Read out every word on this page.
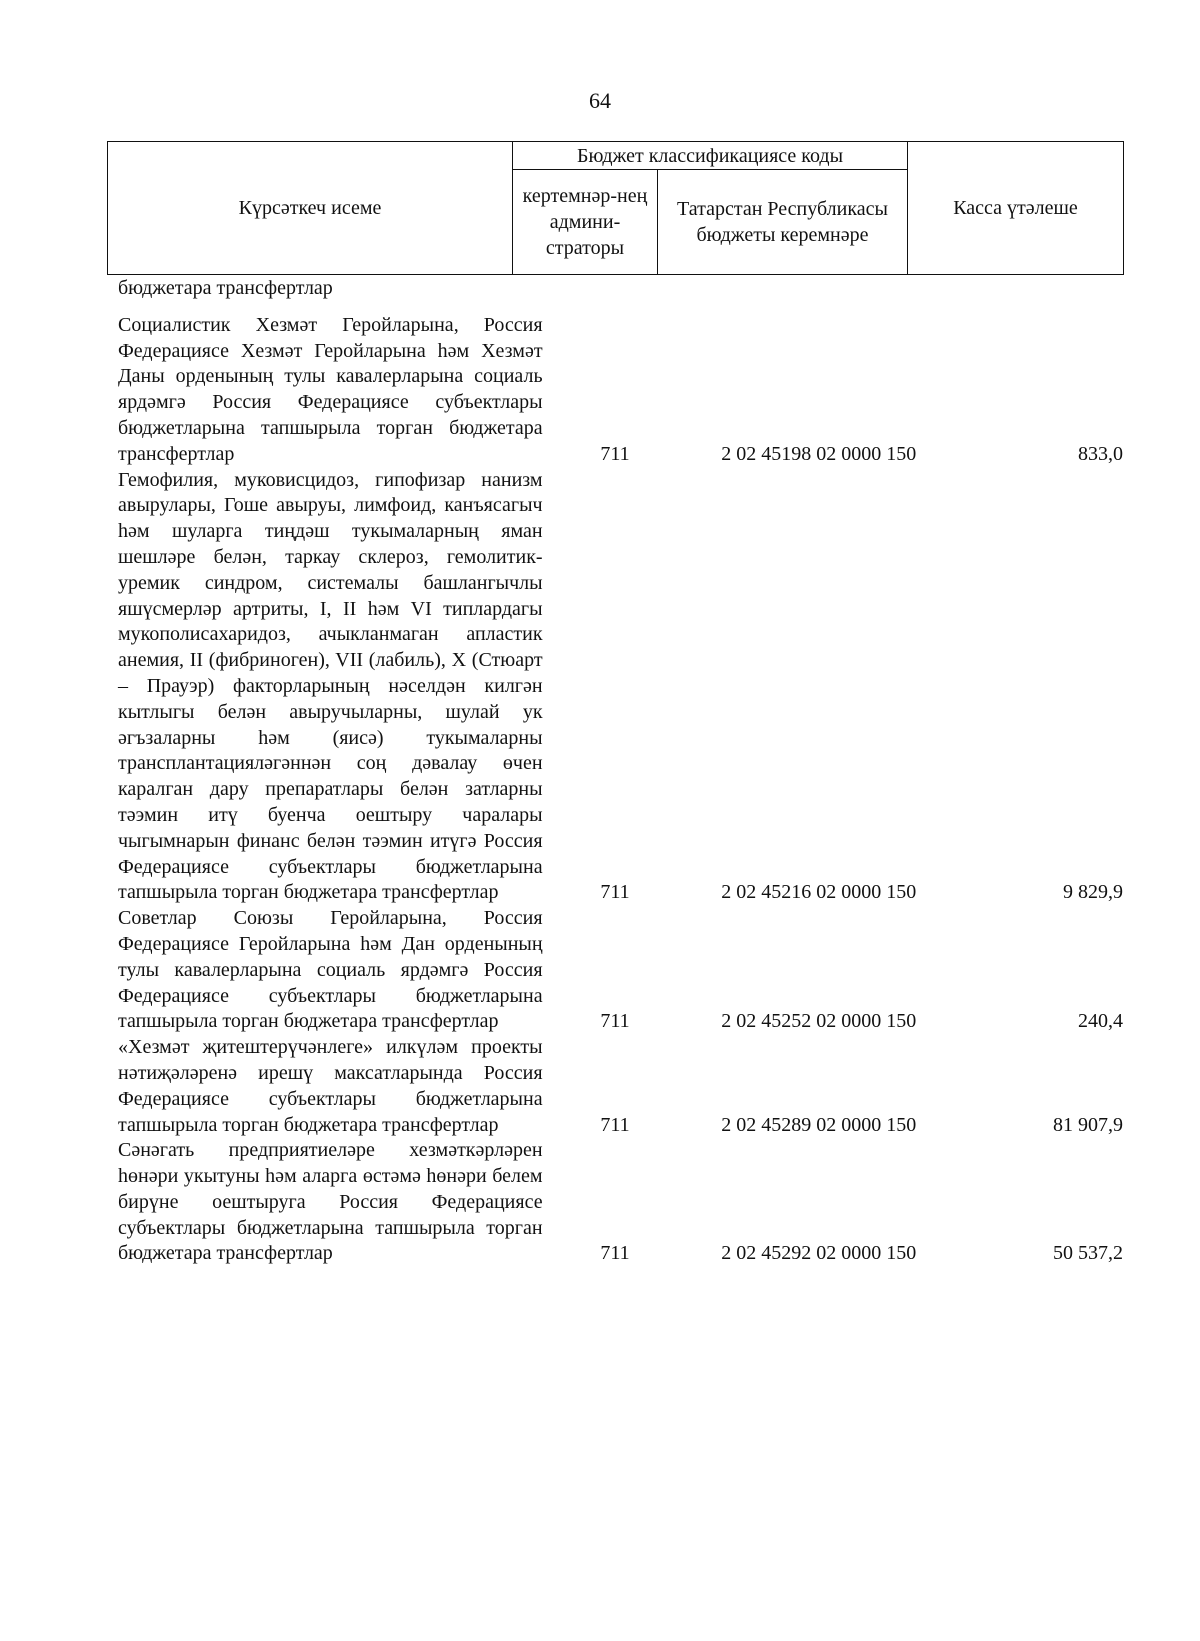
64
Күрсәткеч исеме	Бюджет классификациясе коды		Касса үтәлеше
	кертемнәр-нең админи-страторы	Татарстан Республикасы бюджеты керемнәре	
бюджетара трансфертлар
Социалистик Хезмәт Геройларына, Россия Федерациясе Хезмәт Геройларына һәм Хезмәт Даны орденының тулы кавалерларына социаль ярдәмгә Россия Федерациясе субъектлары бюджетларына тапшырыла торган бюджетара трансфертлар	711	2 02 45198 02 0000 150	833,0
Гемофилия, муковисцидоз, гипофизар нанизм авырулары, Гоше авыруы, лимфоид, канъясагыч һәм шуларга тиңдәш тукымаларның яман шешләре белән, таркау склероз, гемолитик-уремик синдром, системалы башлангычлы яшүсмерләр артриты, I, II һәм VI типлардагы мукополисахаридоз, ачыкланмаган апластик анемия, II (фибриноген), VII (лабиль), X (Стюарт – Прауэр) факторларының нәселдән килгән кытлыгы белән авыручыларны, шулай ук әгъзаларны һәм (яисә) тукымаларны трансплантацияләгәннән соң дәвалау өчен каралган дару препаратлары белән затларны тәэмин итү буенча оештыру чаралары чыгымнарын финанс белән тәэмин итүгә Россия Федерациясе субъектлары бюджетларына тапшырыла торган бюджетара трансфертлар	711	2 02 45216 02 0000 150	9 829,9
Советлар Союзы Геройларына, Россия Федерациясе Геройларына һәм Дан орденының тулы кавалерларына социаль ярдәмгә Россия Федерациясе субъектлары бюджетларына тапшырыла торган бюджетара трансфертлар	711	2 02 45252 02 0000 150	240,4
«Хезмәт җитештерүчәнлеге» илкүләм проекты нәтиҗәләренә ирешү максатларында Россия Федерациясе субъектлары бюджетларына тапшырыла торган бюджетара трансфертлар	711	2 02 45289 02 0000 150	81 907,9
Сәнәгать предприятиеләре хезмәткәрләрен һөнәри укытуны һәм аларга өстәмә һөнәри белем бирүне оештыруга Россия Федерациясе субъектлары бюджетларына тапшырыла торган бюджетара трансфертлар	711	2 02 45292 02 0000 150	50 537,2
